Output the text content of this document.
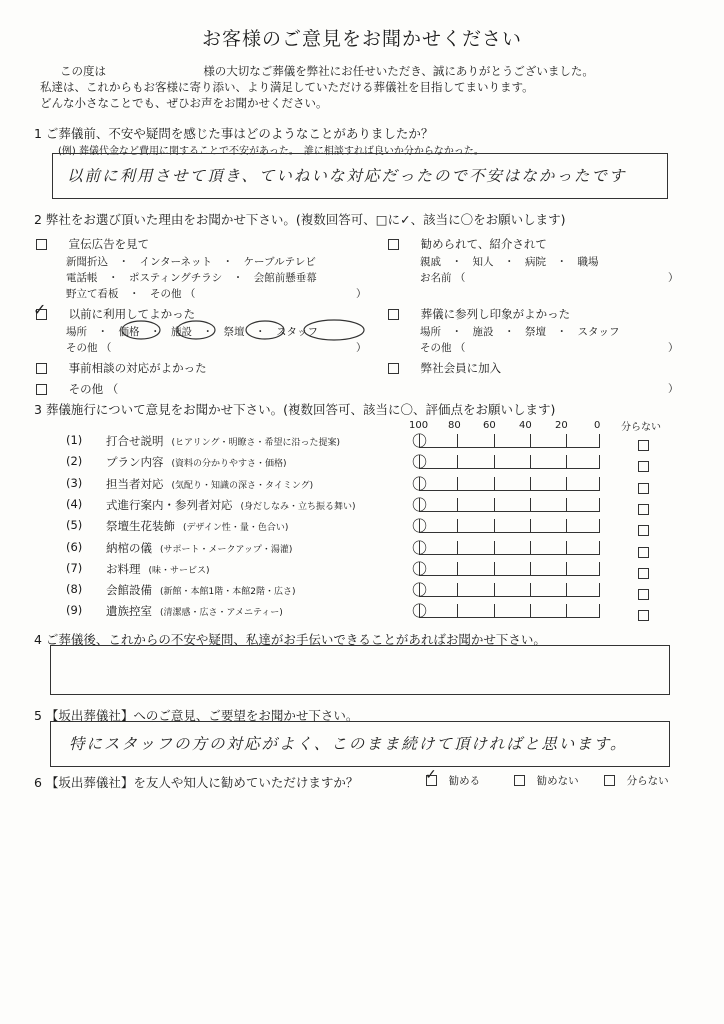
お客様のご意見をお聞かせください
この度は	様の大切なご葬儀を弊社にお任せいただき、誠にありがとうございました。
私達は、これからもお客様に寄り添い、より満足していただける葬儀社を目指してまいります。
どんな小さなことでも、ぜひお声をお聞かせください。
1 ご葬儀前、不安や疑問を感じた事はどのようなことがありましたか？
(例) 葬儀代金など費用に関することで不安があった。　誰に相談すれば良いか分からなかった。
以前に利用させて頂き、ていねいな対応だったので不安はなかったです
2 弊社をお選び頂いた理由をお聞かせ下さい。(複数回答可、□に✓、該当に〇をお願いします)
宣伝広告を見て
新聞折込　・　インターネット　・　ケーブルテレビ
電話帳　・　ポスティングチラシ　・　会館前懸垂幕
野立て看板　・　その他 （	）
以前に利用してよかった
✓
場所　・　価格　・　施設　・　祭壇　・　スタッフ
その他 （	）
事前相談の対応がよかった
その他 （	）
勧められて、紹介されて
親戚　・　知人　・　病院　・　職場
お名前 （	）
葬儀に参列し印象がよかった
場所　・　施設　・　祭壇　・　スタッフ
その他 （	）
弊社会員に加入
3 葬儀施行について意見をお聞かせ下さい。(複数回答可、該当に〇、評価点をお願いします)
100 80 60 40 20	0 分らない
(1) 打合せ説明 (ヒアリング・明瞭さ・希望に沿った提案)	〇
(2) プラン内容 (資料の分かりやすさ・価格)	〇
(3) 担当者対応 (気配り・知識の深さ・タイミング)	〇
(4) 式進行案内・参列者対応 (身だしなみ・立ち振る舞い)	〇
(5) 祭壇生花装飾 (デザイン性・量・色合い)	〇
(6) 納棺の儀 (サポート・メークアップ・湯灌)	〇
(7) お料理 (味・サービス)	〇
(8) 会館設備 (新館・本館1階・本館2階・広さ)	〇
(9) 遺族控室 (清潔感・広さ・アメニティー)	〇
4 ご葬儀後、これからの不安や疑問、私達がお手伝いできることがあればお聞かせ下さい。
5 【坂出葬儀社】へのご意見、ご要望をお聞かせ下さい。
特にスタッフの方の対応がよく、このまま続けて頂ければと思います。
6 【坂出葬儀社】を友人や知人に勧めていただけますか？
	✓ 勧める	勧めない	分らない
